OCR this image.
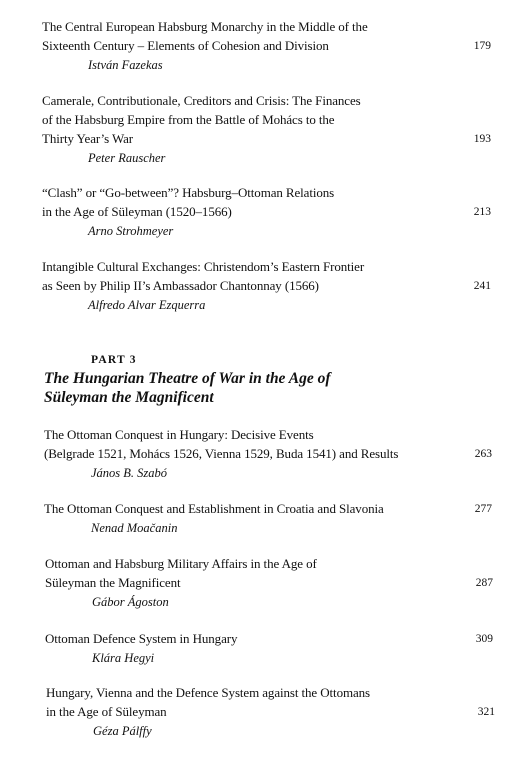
The Central European Habsburg Monarchy in the Middle of the
Sixteenth Century – Elements of Cohesion and Division	179
István Fazekas
Camerale, Contributionale, Creditors and Crisis: The Finances
of the Habsburg Empire from the Battle of Mohács to the
Thirty Year’s War	193
Peter Rauscher
“Clash” or “Go-between”? Habsburg–Ottoman Relations
in the Age of Süleyman (1520–1566)	213
Arno Strohmeyer
Intangible Cultural Exchanges: Christendom’s Eastern Frontier
as Seen by Philip II’s Ambassador Chantonnay (1566)	241
Alfredo Alvar Ezquerra
PART 3
The Hungarian Theatre of War in the Age of
Süleyman the Magnificent
The Ottoman Conquest in Hungary: Decisive Events
(Belgrade 1521, Mohács 1526, Vienna 1529, Buda 1541) and Results	263
János B. Szabó
The Ottoman Conquest and Establishment in Croatia and Slavonia	277
Nenad Moačanin
Ottoman and Habsburg Military Affairs in the Age of
Süleyman the Magnificent	287
Gábor Ágoston
Ottoman Defence System in Hungary	309
Klára Hegyi
Hungary, Vienna and the Defence System against the Ottomans
in the Age of Süleyman	321
Géza Pálffy
